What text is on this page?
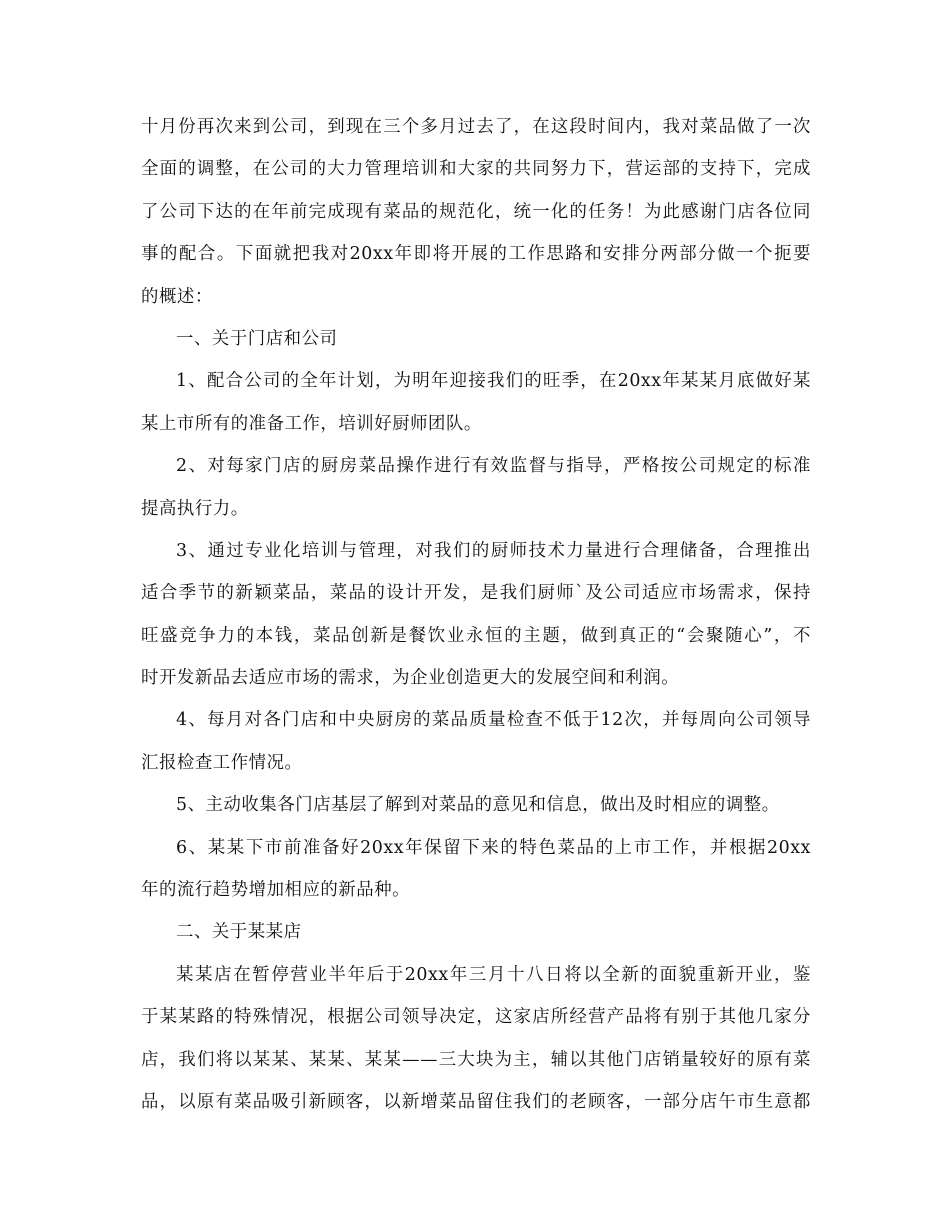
十月份再次来到公司，到现在三个多月过去了，在这段时间内，我对菜品做了一次
全面的调整，在公司的大力管理培训和大家的共同努力下，营运部的支持下，完成
了公司下达的在年前完成现有菜品的规范化，统一化的任务！为此感谢门店各位同
事的配合。下面就把我对20xx年即将开展的工作思路和安排分两部分做一个扼要
的概述：
一、关于门店和公司
1、配合公司的全年计划，为明年迎接我们的旺季，在20xx年某某月底做好某
某上市所有的准备工作，培训好厨师团队。
2、对每家门店的厨房菜品操作进行有效监督与指导，严格按公司规定的标准
提高执行力。
3、通过专业化培训与管理，对我们的厨师技术力量进行合理储备，合理推出
适合季节的新颖菜品，菜品的设计开发，是我们厨师`及公司适应市场需求，保持
旺盛竞争力的本钱，菜品创新是餐饮业永恒的主题，做到真正的“会聚随心”，不
时开发新品去适应市场的需求，为企业创造更大的发展空间和利润。
4、每月对各门店和中央厨房的菜品质量检查不低于12次，并每周向公司领导
汇报检查工作情况。
5、主动收集各门店基层了解到对菜品的意见和信息，做出及时相应的调整。
6、某某下市前准备好20xx年保留下来的特色菜品的上市工作，并根据20xx
年的流行趋势增加相应的新品种。
二、关于某某店
某某店在暂停营业半年后于20xx年三月十八日将以全新的面貌重新开业，鉴
于某某路的特殊情况，根据公司领导决定，这家店所经营产品将有别于其他几家分
店，我们将以某某、某某、某某——三大块为主，辅以其他门店销量较好的原有菜
品，以原有菜品吸引新顾客，以新增菜品留住我们的老顾客，一部分店午市生意都
